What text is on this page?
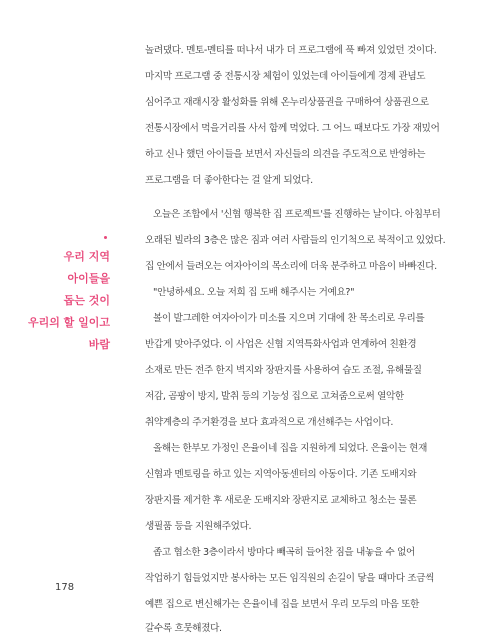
놀려댔다. 멘토-멘티를 떠나서 내가 더 프로그램에 푹 빠져 있었던 것이다.
마지막 프로그램 중 전통시장 체험이 있었는데 아이들에게 경제 관념도
심어주고 재래시장 활성화를 위해 온누리상품권을 구매하여 상품권으로
전통시장에서 먹을거리를 사서 함께 먹었다. 그 어느 때보다도 가장 재밌어
하고 신나 했던 아이들을 보면서 자신들의 의견을 주도적으로 반영하는
프로그램을 더 좋아한다는 걸 알게 되었다.
오늘은 조합에서 '신협 행복한 집 프로젝트'를 진행하는 날이다. 아침부터
오래된 빌라의 3층은 많은 짐과 여러 사람들의 인기척으로 북적이고 있었다.
집 안에서 들려오는 여자아이의 목소리에 더욱 분주하고 마음이 바빠진다.
"안녕하세요. 오늘 저희 집 도배 해주시는 거예요?"
볼이 발그레한 여자아이가 미소를 지으며 기대에 찬 목소리로 우리를
반갑게 맞아주었다. 이 사업은 신협 지역특화사업과 연계하여 친환경
소재로 만든 전주 한지 벽지와 장판지를 사용하여 습도 조절, 유해물질
저감, 곰팡이 방지, 발취 등의 기능성 집으로 고쳐줌으로써 열악한
취약계층의 주거환경을 보다 효과적으로 개선해주는 사업이다.
올해는 한부모 가정인 은율이네 집을 지원하게 되었다. 은율이는 현재
신협과 멘토링을 하고 있는 지역아동센터의 아동이다. 기존 도배지와
장판지를 제거한 후 새로운 도배지와 장판지로 교체하고 청소는 물론
생필품 등을 지원해주었다.
좁고 협소한 3층이라서 방마다 빼곡히 들어찬 짐을 내놓을 수 없어
작업하기 힘들었지만 봉사하는 모든 임직원의 손길이 닿을 때마다 조금씩
예쁜 집으로 변신해가는 은율이네 집을 보면서 우리 모두의 마음 또한
갈수록 흐뭇해졌다.
우리 지역
아이들을
돕는 것이
우리의 할 일이고
바람
178
